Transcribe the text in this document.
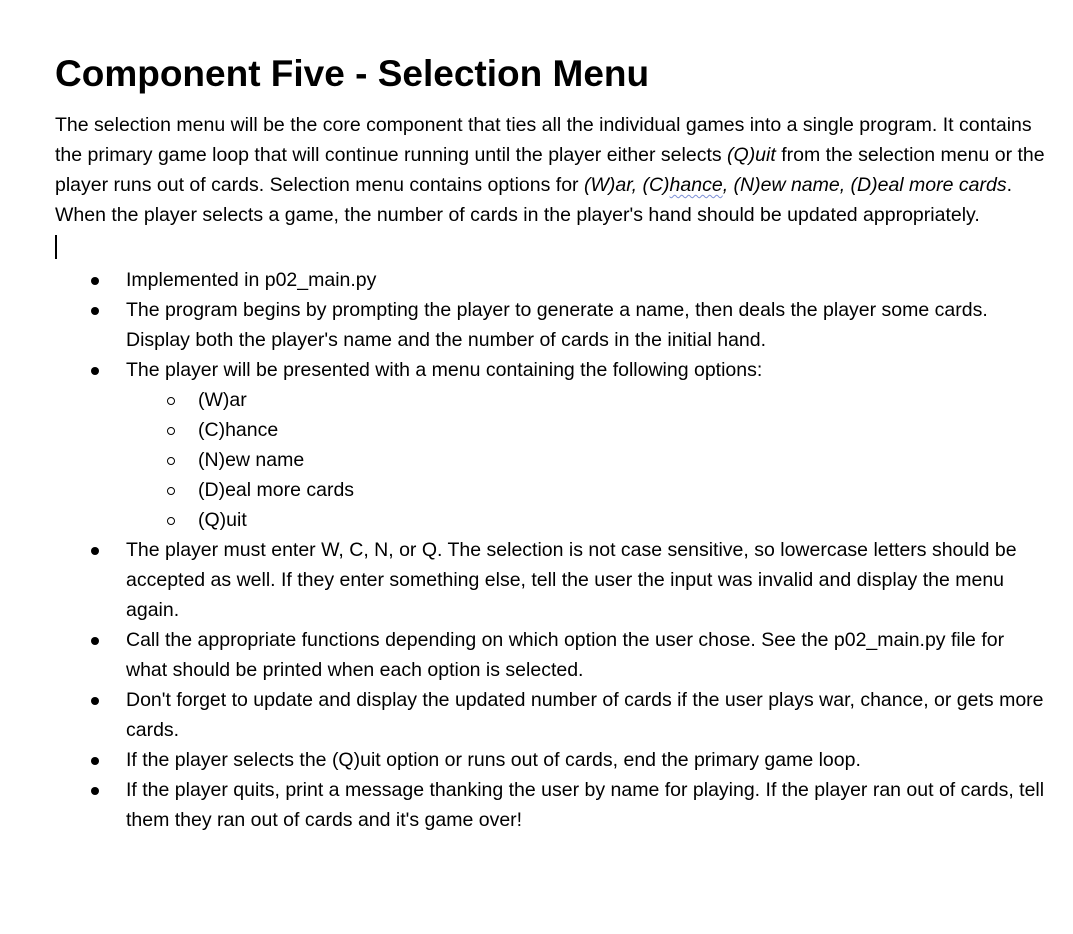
Component Five - Selection Menu

The selection menu will be the core component that ties all the individual games into a single program. It contains the primary game loop that will continue running until the player either selects (Q)uit from the selection menu or the player runs out of cards. Selection menu contains options for (W)ar, (C)hance, (N)ew name, (D)eal more cards. When the player selects a game, the number of cards in the player's hand should be updated appropriately.

Implemented in p02_main.py
The program begins by prompting the player to generate a name, then deals the player some cards. Display both the player's name and the number of cards in the initial hand.
The player will be presented with a menu containing the following options:
(W)ar
(C)hance
(N)ew name
(D)eal more cards
(Q)uit
The player must enter W, C, N, or Q. The selection is not case sensitive, so lowercase letters should be accepted as well. If they enter something else, tell the user the input was invalid and display the menu again.
Call the appropriate functions depending on which option the user chose. See the p02_main.py file for what should be printed when each option is selected.
Don't forget to update and display the updated number of cards if the user plays war, chance, or gets more cards.
If the player selects the (Q)uit option or runs out of cards, end the primary game loop.
If the player quits, print a message thanking the user by name for playing. If the player ran out of cards, tell them they ran out of cards and it's game over!
